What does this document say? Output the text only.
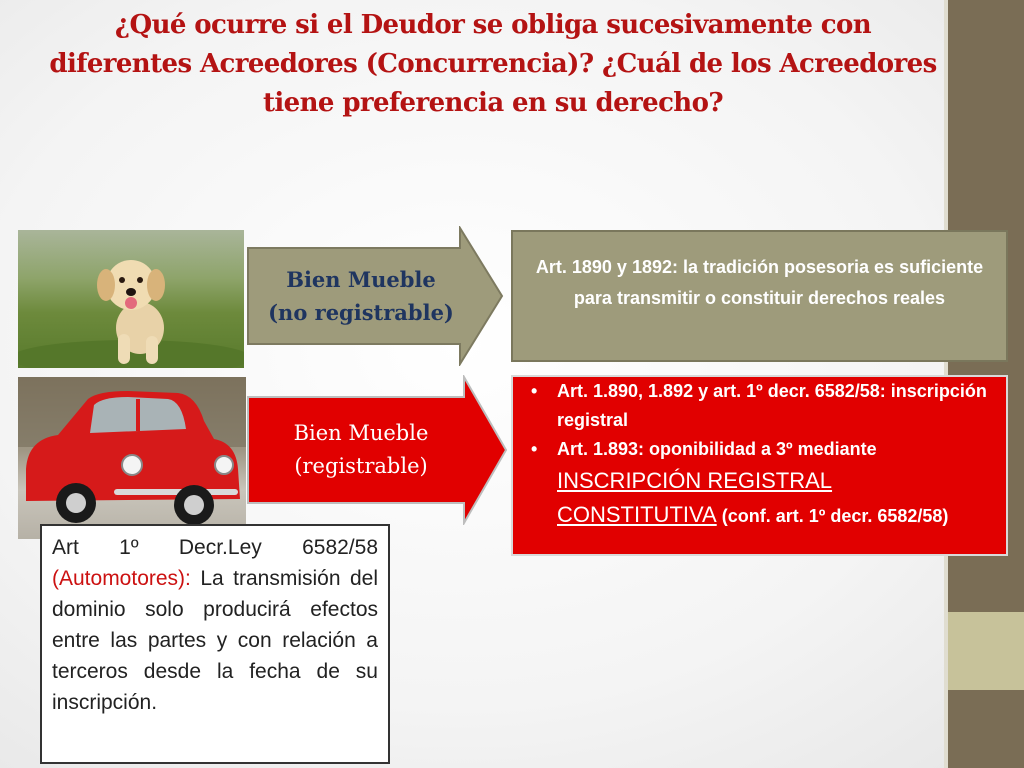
¿Qué ocurre si el Deudor se obliga sucesivamente con diferentes Acreedores (Concurrencia)? ¿Cuál de los Acreedores tiene preferencia en su derecho?
Bien Mueble
(no registrable)
Art. 1890 y 1892: la tradición posesoria es suficiente para transmitir o constituir derechos reales
Bien Mueble
(registrable)
• Art. 1.890, 1.892 y art. 1º decr. 6582/58: inscripción registral
• Art. 1.893: oponibilidad a 3º mediante INSCRIPCIÓN REGISTRAL CONSTITUTIVA (conf. art. 1º decr. 6582/58)
Art 1º Decr.Ley 6582/58 (Automotores): La transmisión del dominio solo producirá efectos entre las partes y con relación a terceros desde la fecha de su inscripción.
